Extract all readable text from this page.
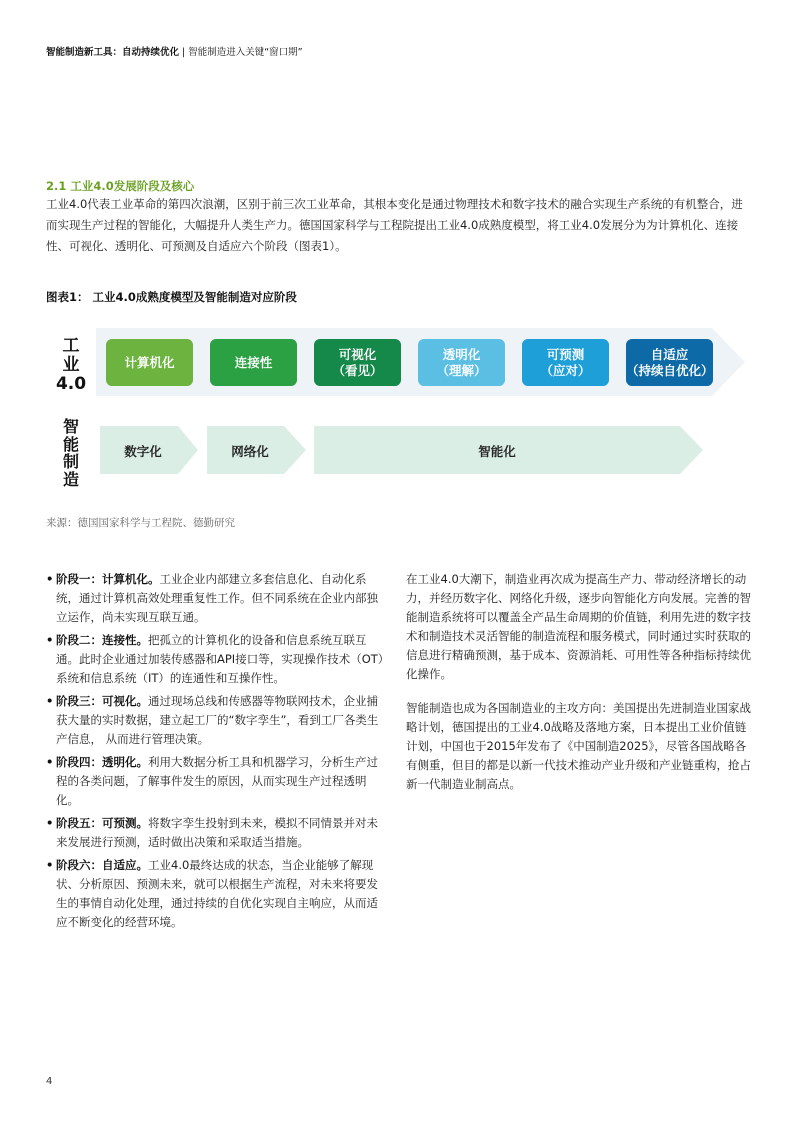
智能制造新工具：自动持续优化 | 智能制造进入关键“窗口期”
2.1 工业4.0发展阶段及核心
工业4.0代表工业革命的第四次浪潮，区别于前三次工业革命，其根本变化是通过物理技术和数字技术的融合实现生产系统的有机整合，进而实现生产过程的智能化，大幅提升人类生产力。德国国家科学与工程院提出工业4.0成熟度模型，将工业4.0发展分为为计算机化、连接性、可视化、透明化、可预测及自适应六个阶段（图表1）。
图表1： 工业4.0成熟度模型及智能制造对应阶段
工
业
4.0
智
能
制
造
计算机化	连接性
可视化
（看见）
透明化
（理解）
可预测
（应对）
自适应
（持续自优化）
数字化	网络化	智能化
来源：德国国家科学与工程院、德勤研究
• 阶段一：计算机化。工业企业内部建立多套信息化、自动化系统，通过计算机高效处理重复性工作。但不同系统在企业内部独立运作，尚未实现互联互通。
• 阶段二：连接性。把孤立的计算机化的设备和信息系统互联互通。此时企业通过加装传感器和API接口等，实现操作技术（OT）系统和信息系统（IT）的连通性和互操作性。
• 阶段三：可视化。通过现场总线和传感器等物联网技术，企业捕获大量的实时数据，建立起工厂的“数字孪生”，看到工厂各类生产信息， 从而进行管理决策。
• 阶段四：透明化。利用大数据分析工具和机器学习，分析生产过程的各类问题，了解事件发生的原因，从而实现生产过程透明化。
• 阶段五：可预测。将数字孪生投射到未来，模拟不同情景并对未来发展进行预测，适时做出决策和采取适当措施。
• 阶段六：自适应。工业4.0最终达成的状态，当企业能够了解现状、分析原因、预测未来，就可以根据生产流程，对未来将要发生的事情自动化处理，通过持续的自优化实现自主响应，从而适应不断变化的经营环境。

在工业4.0大潮下，制造业再次成为提高生产力、带动经济增长的动力，并经历数字化、网络化升级，逐步向智能化方向发展。完善的智能制造系统将可以覆盖全产品生命周期的价值链，利用先进的数字技术和制造技术灵活智能的制造流程和服务模式，同时通过实时获取的信息进行精确预测，基于成本、资源消耗、可用性等各种指标持续优化操作。

智能制造也成为各国制造业的主攻方向：美国提出先进制造业国家战略计划，德国提出的工业4.0战略及落地方案，日本提出工业价值链计划，中国也于2015年发布了《中国制造2025》，尽管各国战略各有侧重，但目的都是以新一代技术推动产业升级和产业链重构，抢占新一代制造业制高点。

4
